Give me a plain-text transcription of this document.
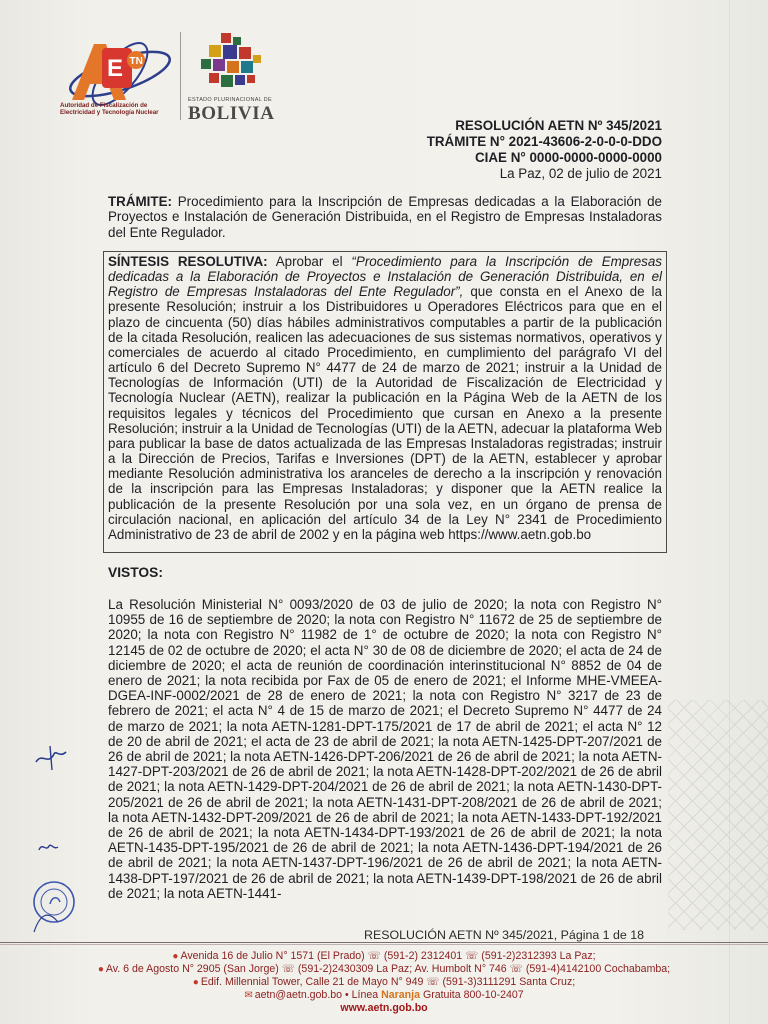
E TN
Autoridad de Fiscalización de
Electricidad y Tecnología Nuclear
ESTADO PLURINACIONAL DE
BOLIVIA
RESOLUCIÓN AETN Nº 345/2021
TRÁMITE N° 2021-43606-2-0-0-0-DDO
CIAE N° 0000-0000-0000-0000
La Paz, 02 de julio de 2021
TRÁMITE: Procedimiento para la Inscripción de Empresas dedicadas a la Elaboración de Proyectos e Instalación de Generación Distribuida, en el Registro de Empresas Instaladoras del Ente Regulador.
SÍNTESIS RESOLUTIVA: Aprobar el “Procedimiento para la Inscripción de Empresas dedicadas a la Elaboración de Proyectos e Instalación de Generación Distribuida, en el Registro de Empresas Instaladoras del Ente Regulador”, que consta en el Anexo de la presente Resolución; instruir a los Distribuidores u Operadores Eléctricos para que en el plazo de cincuenta (50) días hábiles administrativos computables a partir de la publicación de la citada Resolución, realicen las adecuaciones de sus sistemas normativos, operativos y comerciales de acuerdo al citado Procedimiento, en cumplimiento del parágrafo VI del artículo 6 del Decreto Supremo N° 4477 de 24 de marzo de 2021; instruir a la Unidad de Tecnologías de Información (UTI) de la Autoridad de Fiscalización de Electricidad y Tecnología Nuclear (AETN), realizar la publicación en la Página Web de la AETN de los requisitos legales y técnicos del Procedimiento que cursan en Anexo a la presente Resolución; instruir a la Unidad de Tecnologías (UTI) de la AETN, adecuar la plataforma Web para publicar la base de datos actualizada de las Empresas Instaladoras registradas; instruir a la Dirección de Precios, Tarifas e Inversiones (DPT) de la AETN, establecer y aprobar mediante Resolución administrativa los aranceles de derecho a la inscripción y renovación de la inscripción para las Empresas Instaladoras; y disponer que la AETN realice la publicación de la presente Resolución por una sola vez, en un órgano de prensa de circulación nacional, en aplicación del artículo 34 de la Ley N° 2341 de Procedimiento Administrativo de 23 de abril de 2002 y en la página web https://www.aetn.gob.bo
VISTOS:
La Resolución Ministerial N° 0093/2020 de 03 de julio de 2020; la nota con Registro N° 10955 de 16 de septiembre de 2020; la nota con Registro N° 11672 de 25 de septiembre de 2020; la nota con Registro N° 11982 de 1° de octubre de 2020; la nota con Registro N° 12145 de 02 de octubre de 2020; el acta N° 30 de 08 de diciembre de 2020; el acta de 24 de diciembre de 2020; el acta de reunión de coordinación interinstitucional N° 8852 de 04 de enero de 2021; la nota recibida por Fax de 05 de enero de 2021; el Informe MHE-VMEEA-DGEA-INF-0002/2021 de 28 de enero de 2021; la nota con Registro N° 3217 de 23 de febrero de 2021; el acta N° 4 de 15 de marzo de 2021; el Decreto Supremo N° 4477 de 24 de marzo de 2021; la nota AETN-1281-DPT-175/2021 de 17 de abril de 2021; el acta N° 12 de 20 de abril de 2021; el acta de 23 de abril de 2021; la nota AETN-1425-DPT-207/2021 de 26 de abril de 2021; la nota AETN-1426-DPT-206/2021 de 26 de abril de 2021; la nota AETN-1427-DPT-203/2021 de 26 de abril de 2021; la nota AETN-1428-DPT-202/2021 de 26 de abril de 2021; la nota AETN-1429-DPT-204/2021 de 26 de abril de 2021; la nota AETN-1430-DPT-205/2021 de 26 de abril de 2021; la nota AETN-1431-DPT-208/2021 de 26 de abril de 2021; la nota AETN-1432-DPT-209/2021 de 26 de abril de 2021; la nota AETN-1433-DPT-192/2021 de 26 de abril de 2021; la nota AETN-1434-DPT-193/2021 de 26 de abril de 2021; la nota AETN-1435-DPT-195/2021 de 26 de abril de 2021; la nota AETN-1436-DPT-194/2021 de 26 de abril de 2021; la nota AETN-1437-DPT-196/2021 de 26 de abril de 2021; la nota AETN-1438-DPT-197/2021 de 26 de abril de 2021; la nota AETN-1439-DPT-198/2021 de 26 de abril de 2021; la nota AETN-1441-
RESOLUCIÓN AETN Nº 345/2021, Página 1 de 18
● Avenida 16 de Julio N° 1571 (El Prado) ☏ (591-2) 2312401 ☏ (591-2)2312393 La Paz;
● Av. 6 de Agosto N° 2905 (San Jorge) ☏ (591-2)2430309 La Paz; Av. Humbolt N° 746 ☏ (591-4)4142100 Cochabamba;
● Edif. Millennial Tower, Calle 21 de Mayo N° 949 ☏ (591-3)3111291 Santa Cruz;
✉ aetn@aetn.gob.bo • Línea Naranja Gratuita 800-10-2407
www.aetn.gob.bo
